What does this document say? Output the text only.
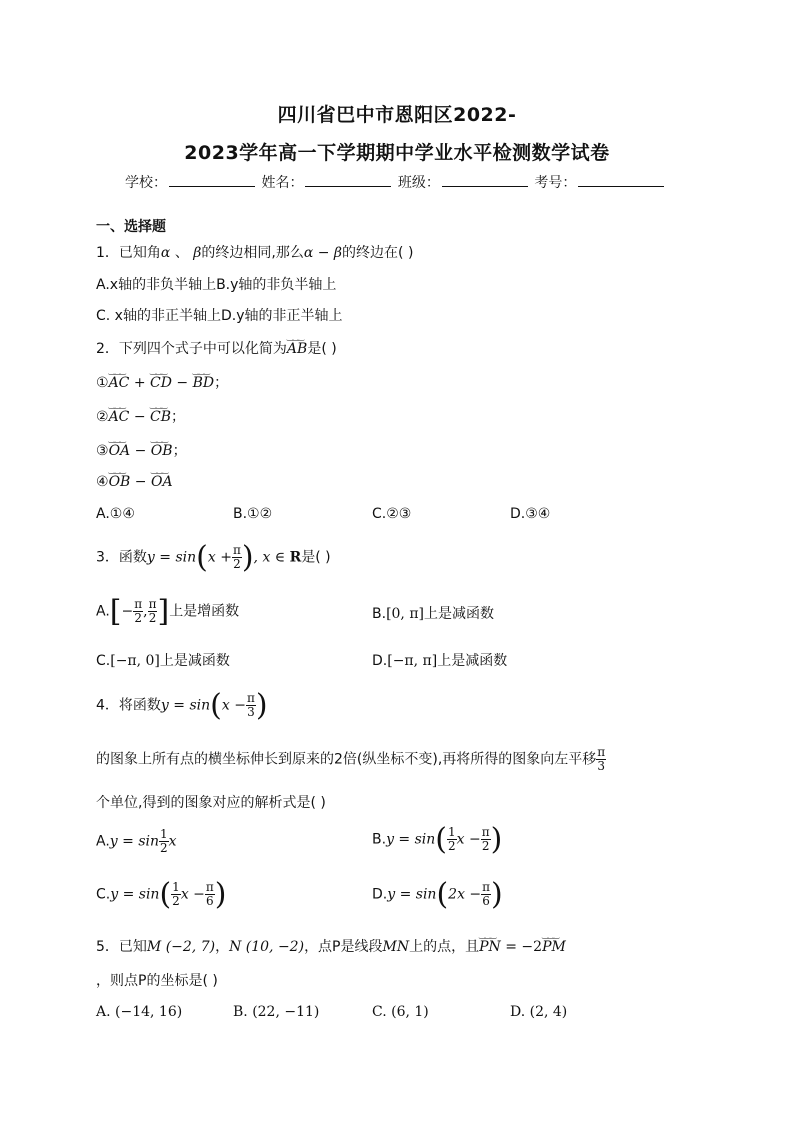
四川省巴中市恩阳区2022-
2023学年高一下学期期中学业水平检测数学试卷
学校：	姓名：	班级：	考号：
一、选择题
1．已知角α 、 β的终边相同,那么α − β的终边在( )
A.x轴的非负半轴上B.y轴的非负半轴上
C. x轴的非正半轴上D.y轴的非正半轴上
2．下列四个式子中可以化简为‿‿‿ AB是( )
①‿‿‿ AC + ‿‿‿ CD − ‿‿‿ BD；
②‿‿‿ AC − ‿‿‿ CB；
③‿‿‿ OA − ‿‿‿ OB；
④‿‿‿ OB − ‿‿‿ OA
A.①④	B.①②	C.②③	D.③④
3．函数$y = \sin(x + \frac{\pi}{2}$ ), x ∈ R是( )
$A.[- \frac{\pi}{2}$ , $\frac{\pi}{2}$ ]上是增函数	B.[0, π]上是减函数
C.[−π, 0]上是减函数	D.[−π, π]上是减函数
4．将函数$y = \sin(x - \frac{\pi}{3}$ )
的图象上所有点的横坐标伸长到原来的2倍(纵坐标不变),再将所得的图象向左平移 $\frac{\pi}{3}$
个单位,得到的图象对应的解析式是( )
$A.y = \sin \frac{1}{2}$ x	$B.y = \sin( \frac{1}{2}$ $x - \frac{\pi}{2}$ )
$C.y = \sin( \frac{1}{2}$ $x - \frac{\pi}{6}$ )	$D.y = \sin(2x - \frac{\pi}{6}$ )
5．已知M (−2, 7)，N (10, −2)，点P是线段MN上的点，且‿‿‿ PN = −2‿‿‿ PM
，则点P的坐标是( )
A. (−14, 16)	B. (22, −11)	C. (6, 1)	D. (2, 4)
